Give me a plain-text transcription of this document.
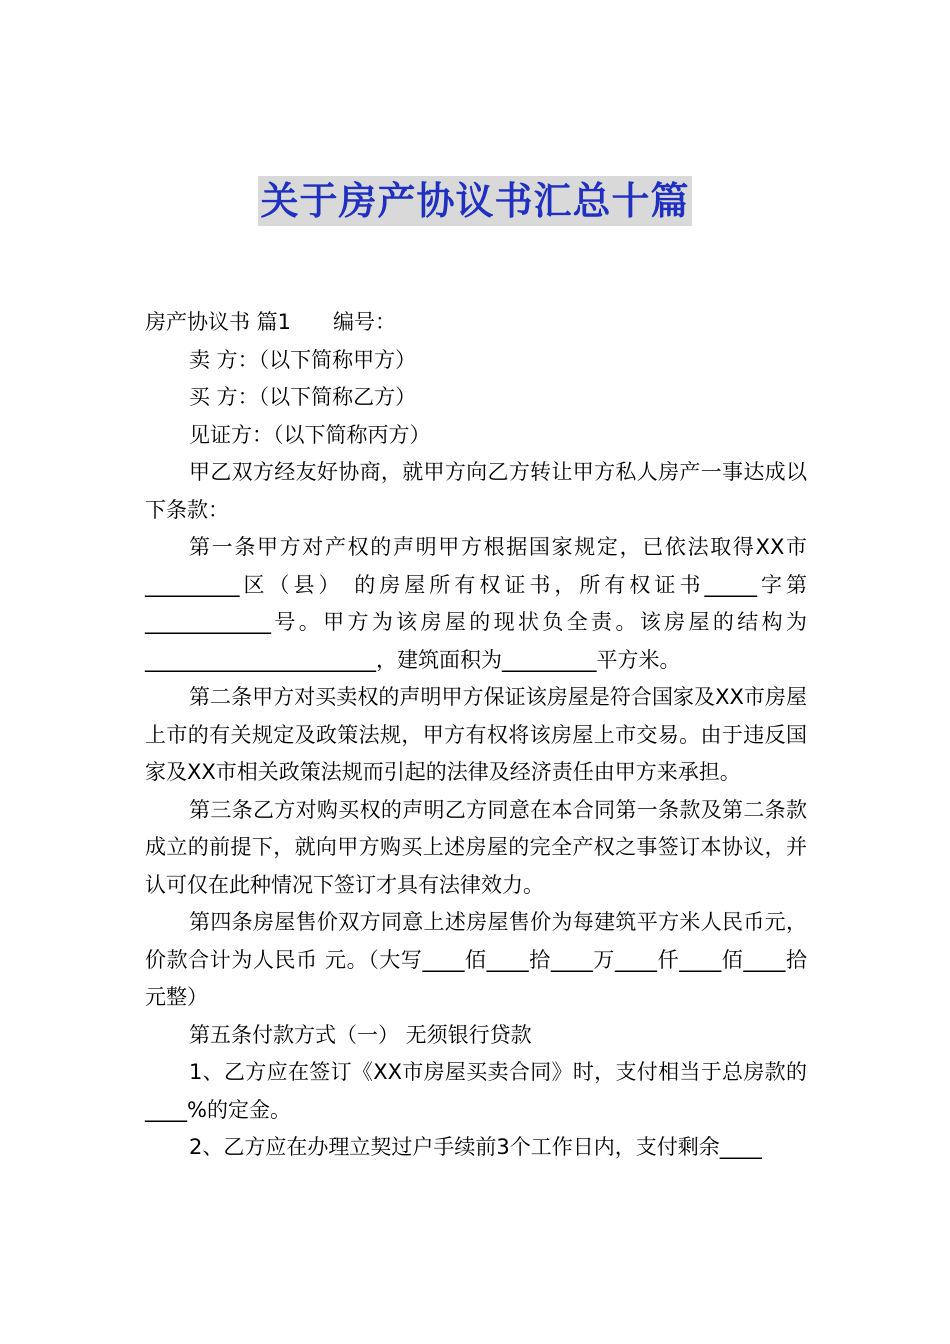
关于房产协议书汇总十篇

房产协议书 篇1　　编号：

卖 方：（以下简称甲方）

买 方：（以下简称乙方）

见证方：（以下简称丙方）

甲乙双方经友好协商，就甲方向乙方转让甲方私人房产一事达成以下条款：

第一条甲方对产权的声明甲方根据国家规定，已依法取得XX市_________区（县） 的房屋所有权证书，所有权证书_____字第____________号。甲方为该房屋的现状负全责。该房屋的结构为 ______________________，建筑面积为_________平方米。

第二条甲方对买卖权的声明甲方保证该房屋是符合国家及XX市房屋上市的有关规定及政策法规，甲方有权将该房屋上市交易。由于违反国家及XX市相关政策法规而引起的法律及经济责任由甲方来承担。

第三条乙方对购买权的声明乙方同意在本合同第一条款及第二条款成立的前提下，就向甲方购买上述房屋的完全产权之事签订本协议，并认可仅在此种情况下签订才具有法律效力。

第四条房屋售价双方同意上述房屋售价为每建筑平方米人民币元，价款合计为人民币 元。（大写____佰____拾____万____仟____佰____拾元整）

第五条付款方式（一） 无须银行贷款

1、乙方应在签订《XX市房屋买卖合同》时，支付相当于总房款的____%的定金。

2、乙方应在办理立契过户手续前3个工作日内，支付剩余____
